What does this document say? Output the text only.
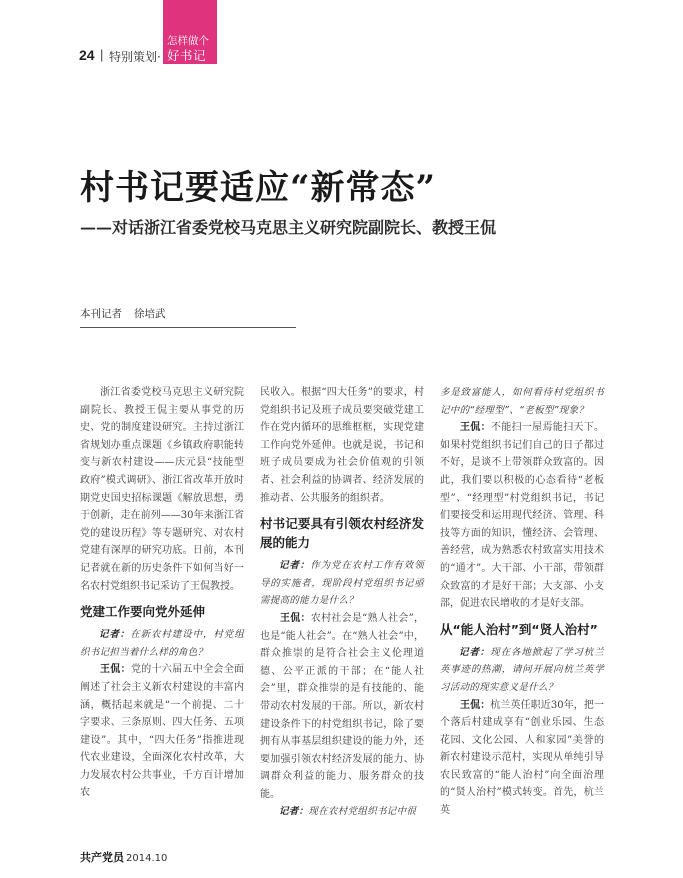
24 | 特别策划·
怎样做个
好书记
村书记要适应“新常态”
——对话浙江省委党校马克思主义研究院副院长、教授王侃
本刊记者 徐培武

浙江省委党校马克思主义研究院副院长、教授王侃主要从事党的历史、党的制度建设研究。主持过浙江省规划办重点课题《乡镇政府职能转变与新农村建设——庆元县“技能型政府”模式调研》、浙江省改革开放时期党史国史招标课题《解放思想，勇于创新，走在前列——30年来浙江省党的建设历程》等专题研究、对农村党建有深厚的研究功底。日前，本刊记者就在新的历史条件下如何当好一名农村党组织书记采访了王侃教授。

党建工作要向党外延伸

记者：在新农村建设中，村党组织书记担当着什么样的角色？

王侃：党的十六届五中全会全面阐述了社会主义新农村建设的丰富内涵，概括起来就是“一个前提、二十字要求、三条原则、四大任务、五项建设”。其中，“四大任务”指推进现代农业建设，全面深化农村改革，大力发展农村公共事业，千方百计增加农

民收入。根据“四大任务”的要求，村党组织书记及班子成员要突破党建工作在党内循环的思维框框，实现党建工作向党外延伸。也就是说，书记和班子成员要成为社会价值观的引领者、社会利益的协调者、经济发展的推动者、公共服务的组织者。

村书记要具有引领农村经济发展的能力

记者：作为党在农村工作有效领导的实施者，现阶段村党组织书记亟需提高的能力是什么？

王侃：农村社会是“熟人社会”，也是“能人社会”。在“熟人社会”中，群众推崇的是符合社会主义伦理道德、公平正派的干部；在“能人社会”里，群众推崇的是有技能的、能带动农村发展的干部。所以，新农村建设条件下的村党组织书记，除了要拥有从事基层组织建设的能力外，还要加强引领农村经济发展的能力、协调群众利益的能力、服务群众的技能。

记者：现在农村党组织书记中很

多是致富能人，如何看待村党组织书记中的“经理型”、“老板型”现象？

王侃：不能扫一屋焉能扫天下。如果村党组织书记们自己的日子都过不好，是谈不上带领群众致富的。因此，我们要以积极的心态看待“老板型”、“经理型”村党组织书记，书记们要接受和运用现代经济、管理、科技等方面的知识，懂经济、会管理、善经营，成为熟悉农村致富实用技术的“通才”。大干部、小干部，带领群众致富的才是好干部；大支部、小支部，促进农民增收的才是好支部。

从“能人治村”到“贤人治村”

记者：现在各地掀起了学习杭兰英事迹的热潮，请问开展向杭兰英学习活动的现实意义是什么？

王侃：杭兰英任职近30年，把一个落后村建成享有“创业乐园、生态花园、文化公园、人和家园”美誉的新农村建设示范村，实现从单纯引导农民致富的“能人治村”向全面治理的“贤人治村”模式转变。首先，杭兰英

共产党员 2014.10
